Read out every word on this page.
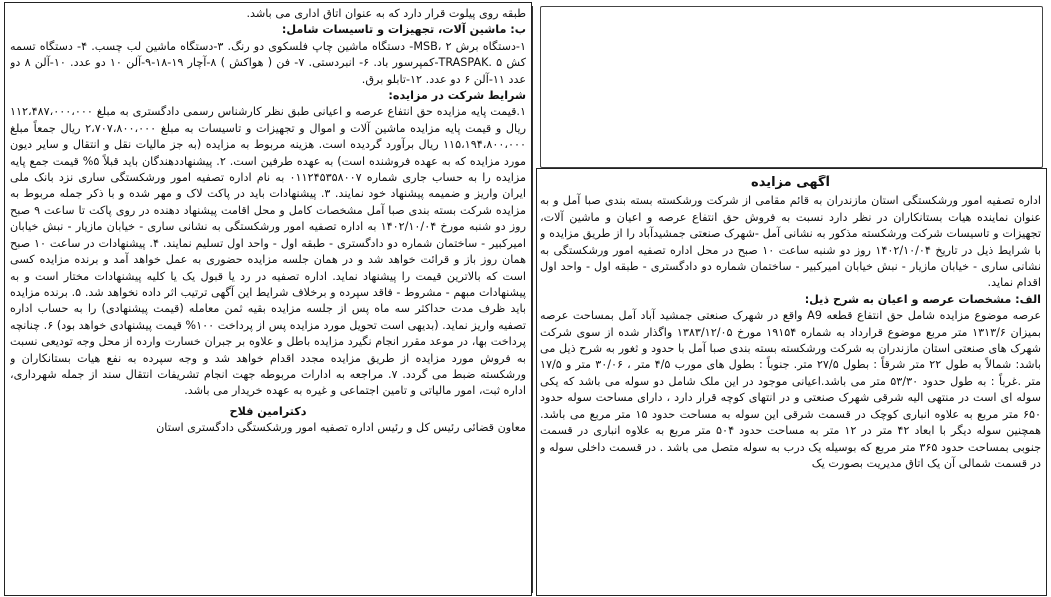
طبقه روی پیلوت قرار دارد که به عنوان اتاق اداری می باشد.

ب: ماشین آلات، تجهیزات و تاسیسات شامل:

۱-دستگاه برش MSB، ۲- دستگاه ماشین چاپ فلسکوی دو رنگ. ۳-دستگاه ماشین لب چسب. ۴- دستگاه تسمه کش TRASPAK. ۵-کمپرسور باد. ۶- انبردستی. ۷- فن ( هواکش ) ۸-آچار ۱۹-۱۸-۹-آلن ۱۰ دو عدد. ۱۰-آلن ۸ دو عدد ۱۱-آلن ۶ دو عدد. ۱۲-تابلو برق.

شرایط شرکت در مزایده:

۱.قیمت پایه مزایده حق انتفاع عرصه و اعیانی طبق نظر کارشناس رسمی دادگستری به مبلغ ۱۱۲،۴۸۷،۰۰۰،۰۰۰ ریال و قیمت پایه مزایده ماشین آلات و اموال و تجهیزات و تاسیسات به مبلغ ۲،۷۰۷،۸۰۰،۰۰۰ ریال جمعاً مبلغ ۱۱۵،۱۹۴،۸۰۰،۰۰۰ ریال برآورد گردیده است. هزینه مربوط به مزایده (به جز مالیات نقل و انتقال و سایر دیون مورد مزایده که به عهده فروشنده است) به عهده طرفین است. ۲. پیشنهاددهندگان باید قبلاً ۵% قیمت جمع پایه مزایده را به حساب جاری شماره ۰۱۱۲۴۵۳۵۸۰۰۷ به نام اداره تصفیه امور ورشکستگی ساری نزد بانک ملی ایران واریز و ضمیمه پیشنهاد خود نمایند. ۳. پیشنهادات باید در پاکت لاک و مهر شده و با ذکر جمله مربوط به مزایده شرکت بسته بندی صبا آمل مشخصات کامل و محل اقامت پیشنهاد دهنده در روی پاکت تا ساعت ۹ صبح روز دو شنبه مورخ ۱۴۰۲/۱۰/۰۴ به اداره تصفیه امور ورشکستگی به نشانی ساری - خیابان مازیار - نبش خیابان امیرکبیر - ساختمان شماره دو دادگستری - طبقه اول - واحد اول تسلیم نمایند. ۴. پیشنهادات در ساعت ۱۰ صبح همان روز باز و قرائت خواهد شد و در همان جلسه مزایده حضوری به عمل خواهد آمد و برنده مزایده کسی است که بالاترین قیمت را پیشنهاد نماید. اداره تصفیه در رد یا قبول یک یا کلیه پیشنهادات مختار است و به پیشنهادات مبهم - مشروط - فاقد سپرده و برخلاف شرایط این آگهی ترتیب اثر داده نخواهد شد. ۵. برنده مزایده باید ظرف مدت حداکثر سه ماه پس از جلسه مزایده بقیه ثمن معامله (قیمت پیشنهادی) را به حساب اداره تصفیه واریز نماید. (بدیهی است تحویل مورد مزایده پس از پرداخت ۱۰۰% قیمت پیشنهادی خواهد بود) ۶. چنانچه پرداخت بها، در موعد مقرر انجام نگیرد مزایده باطل و علاوه بر جبران خسارت وارده از محل وجه تودیعی نسبت به فروش مورد مزایده از طریق مزایده مجدد اقدام خواهد شد و وجه سپرده به نفع هیات بستانکاران و ورشکسته ضبط می گردد. ۷. مراجعه به ادارات مربوطه جهت انجام تشریفات انتقال سند از جمله شهرداری، اداره ثبت، امور مالیاتی و تامین اجتماعی و غیره به عهده خریدار می باشد.

دکترامین فلاح

معاون قضائی رئیس کل و رئیس اداره تصفیه امور ورشکستگی دادگستری استان

آگهی مزایده

اداره تصفیه امور ورشکستگی استان مازندران به قائم مقامی از شرکت ورشکسته بسته بندی صبا آمل و به عنوان نماینده هیات بستانکاران در نظر دارد نسبت به فروش حق انتفاع عرصه و اعیان و ماشین آلات، تجهیزات و تاسیسات شرکت ورشکسته مذکور به نشانی آمل -شهرک صنعتی جمشیدآباد را از طریق مزایده و با شرایط ذیل در تاریخ ۱۴۰۲/۱۰/۰۴ روز دو شنبه ساعت ۱۰ صبح در محل اداره تصفیه امور ورشکستگی به نشانی ساری - خیابان مازیار - نبش خیابان امیرکبیر - ساختمان شماره دو دادگستری - طبقه اول - واحد اول اقدام نماید.

الف: مشخصات عرصه و اعیان به شرح ذیل:

عرصه موضوع مزایده شامل حق انتفاع قطعه A9 واقع در شهرک صنعتی جمشید آباد آمل بمساحت عرصه بمیزان ۱۳۱۳/۶ متر مربع موضوع قرارداد به شماره ۱۹۱۵۴ مورخ ۱۳۸۳/۱۲/۰۵ واگذار شده از سوی شرکت شهرک های صنعتی استان مازندران به شرکت ورشکسته بسته بندی صبا آمل با حدود و ثغور به شرح ذیل می باشد: شمالاً به طول ۲۲ متر شرقاً : بطول ۲۷/۵ متر. جنوباً : بطول های مورب ۴/۵ متر ، ۳۰/۰۶ متر و ۱۷/۵ متر .غرباً : به طول حدود ۵۳/۳۰ متر می باشد.اعیانی موجود در این ملک شامل دو سوله می باشد که یکی سوله ای است در منتهی الیه شرقی شهرک صنعتی و در انتهای کوچه قرار دارد ، دارای مساحت سوله حدود ۶۵۰ متر مربع به علاوه انباری کوچک در قسمت شرقی این سوله به مساحت حدود ۱۵ متر مربع می باشد. همچنین سوله دیگر با ابعاد ۴۲ متر در ۱۲ متر به مساحت حدود ۵۰۴ متر مربع به علاوه انباری در قسمت جنوبی بمساحت حدود ۳۶۵ متر مربع که بوسیله یک درب به سوله متصل می باشد . در قسمت داخلی سوله و در قسمت شمالی آن یک اتاق مدیریت بصورت یک
